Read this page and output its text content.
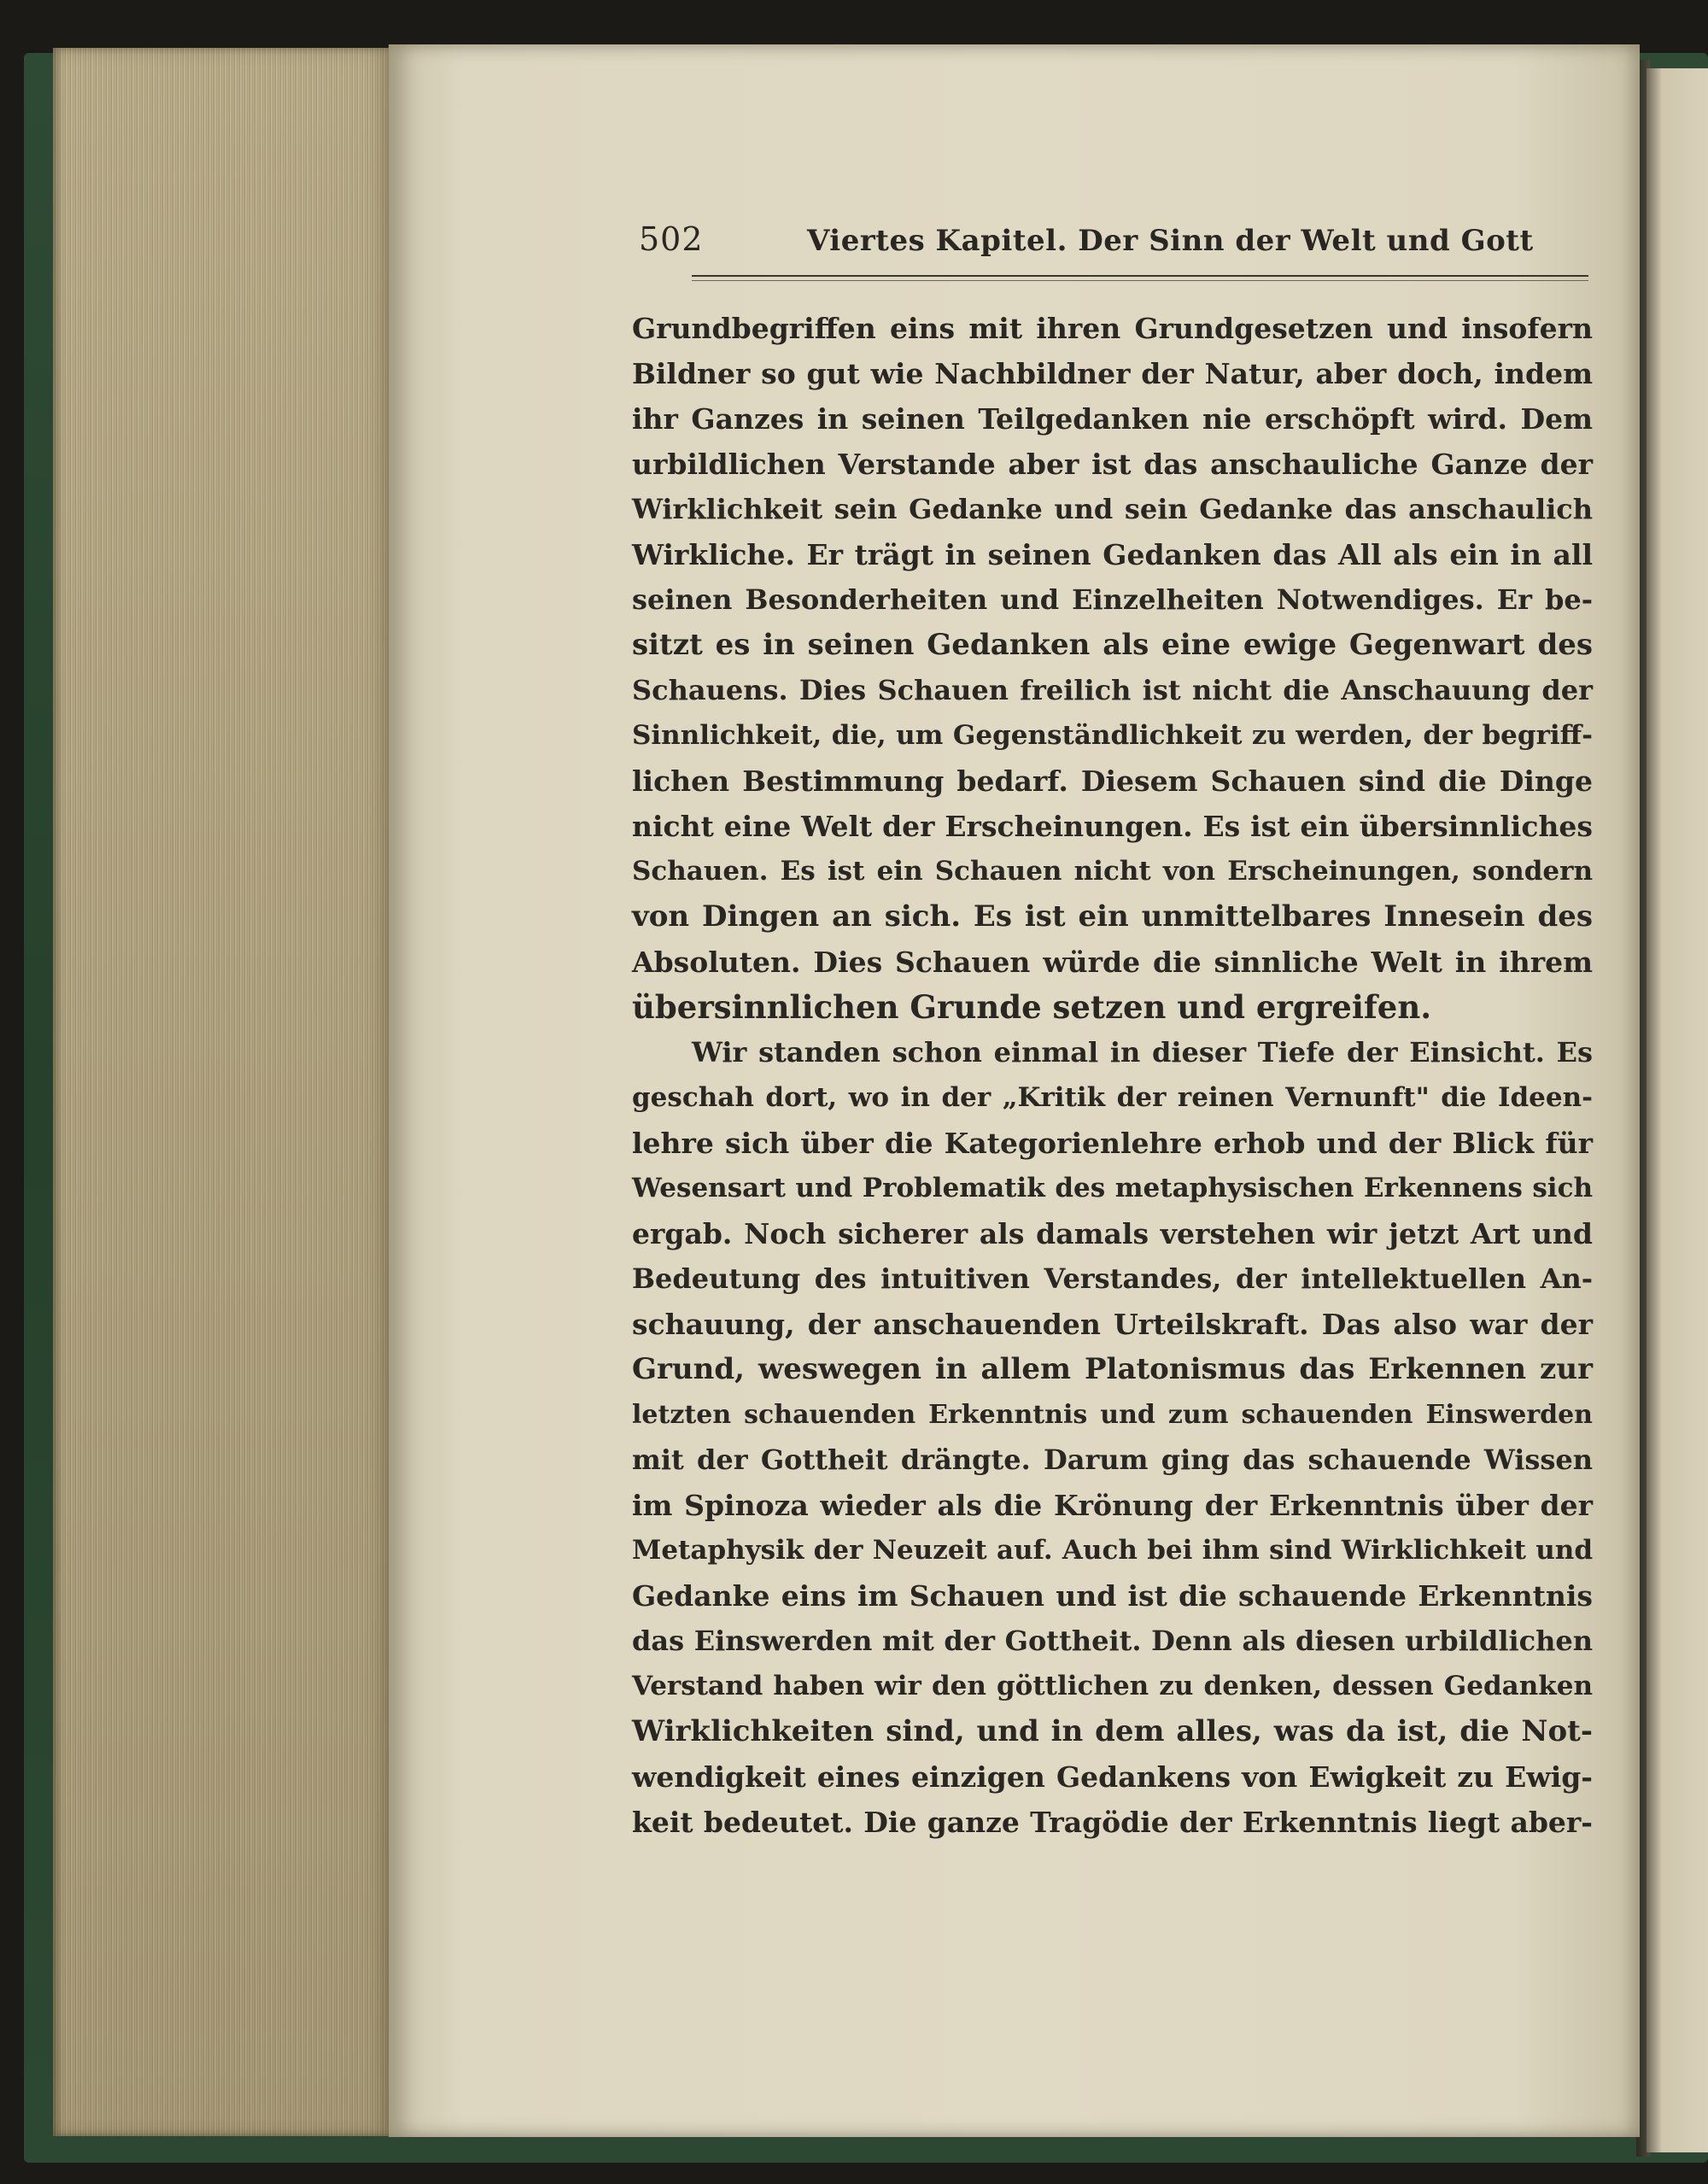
502	Viertes Kapitel. Der Sinn der Welt und Gott
Grundbegriffen eins mit ihren Grundgesetzen und insofern
Bildner so gut wie Nachbildner der Natur, aber doch, indem
ihr Ganzes in seinen Teilgedanken nie erschöpft wird. Dem
urbildlichen Verstande aber ist das anschauliche Ganze der
Wirklichkeit sein Gedanke und sein Gedanke das anschaulich
Wirkliche. Er trägt in seinen Gedanken das All als ein in all
seinen Besonderheiten und Einzelheiten Notwendiges. Er be-
sitzt es in seinen Gedanken als eine ewige Gegenwart des
Schauens. Dies Schauen freilich ist nicht die Anschauung der
Sinnlichkeit, die, um Gegenständlichkeit zu werden, der begriff-
lichen Bestimmung bedarf. Diesem Schauen sind die Dinge
nicht eine Welt der Erscheinungen. Es ist ein übersinnliches
Schauen. Es ist ein Schauen nicht von Erscheinungen, sondern
von Dingen an sich. Es ist ein unmittelbares Innesein des
Absoluten. Dies Schauen würde die sinnliche Welt in ihrem
übersinnlichen Grunde setzen und ergreifen.
Wir standen schon einmal in dieser Tiefe der Einsicht. Es
geschah dort, wo in der „Kritik der reinen Vernunft" die Ideen-
lehre sich über die Kategorienlehre erhob und der Blick für
Wesensart und Problematik des metaphysischen Erkennens sich
ergab. Noch sicherer als damals verstehen wir jetzt Art und
Bedeutung des intuitiven Verstandes, der intellektuellen An-
schauung, der anschauenden Urteilskraft. Das also war der
Grund, weswegen in allem Platonismus das Erkennen zur
letzten schauenden Erkenntnis und zum schauenden Einswerden
mit der Gottheit drängte. Darum ging das schauende Wissen
im Spinoza wieder als die Krönung der Erkenntnis über der
Metaphysik der Neuzeit auf. Auch bei ihm sind Wirklichkeit und
Gedanke eins im Schauen und ist die schauende Erkenntnis
das Einswerden mit der Gottheit. Denn als diesen urbildlichen
Verstand haben wir den göttlichen zu denken, dessen Gedanken
Wirklichkeiten sind, und in dem alles, was da ist, die Not-
wendigkeit eines einzigen Gedankens von Ewigkeit zu Ewig-
keit bedeutet. Die ganze Tragödie der Erkenntnis liegt aber-
